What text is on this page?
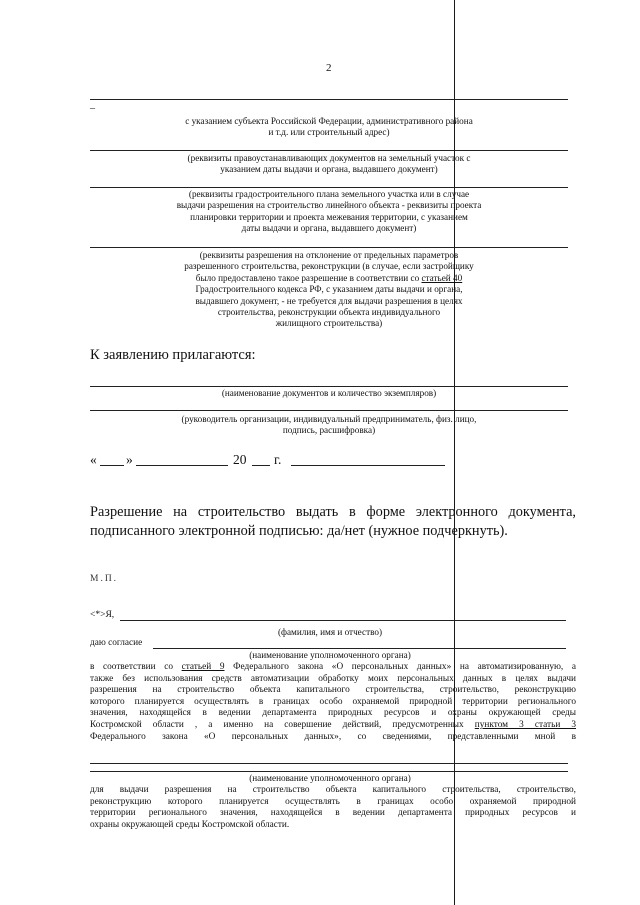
2
_
с указанием субъекта Российской Федерации, административного района
и т.д. или строительный адрес)
(реквизиты правоустанавливающих документов на земельный участок с
указанием даты выдачи и органа, выдавшего документ)
(реквизиты градостроительного плана земельного участка или в случае
выдачи разрешения на строительство линейного объекта - реквизиты проекта
планировки территории и проекта межевания территории, с указанием
даты выдачи и органа, выдавшего документ)
(реквизиты разрешения на отклонение от предельных параметров
разрешенного строительства, реконструкции (в случае, если застройщику
было предоставлено такое разрешение в соответствии со статьей 40
Градостроительного кодекса РФ, с указанием даты выдачи и органа,
выдавшего документ, - не требуется для выдачи разрешения в целях
строительства, реконструкции объекта индивидуального
жилищного строительства)
К заявлению прилагаются:
(наименование документов и количество экземпляров)
(руководитель организации, индивидуальный предприниматель, физ. лицо,
подпись, расшифровка)
« »	20 г.
Разрешение на строительство выдать в форме электронного документа,
подписанного электронной подписью: да/нет (нужное подчеркнуть).
М.П.
<*>Я,
(фамилия, имя и отчество)
даю согласие
(наименование уполномоченного органа)
в соответствии со статьей 9 Федерального закона «О персональных данных» на автоматизированную, а
также без использования средств автоматизации обработку моих персональных данных в целях выдачи
разрешения на строительство объекта капитального строительства, строительство, реконструкцию
которого планируется осуществлять в границах особо охраняемой природной территории регионального
значения, находящейся в ведении департамента природных ресурсов и охраны окружающей среды
Костромской области , а именно на совершение действий, предусмотренных пунктом 3 статьи 3
Федерального закона «О персональных данных», со сведениями, представленными мной в
(наименование уполномоченного органа)
для выдачи разрешения на строительство объекта капитального строительства, строительство,
реконструкцию которого планируется осуществлять в границах особо охраняемой природной
территории регионального значения, находящейся в ведении департамента природных ресурсов и
охраны окружающей среды Костромской области.
